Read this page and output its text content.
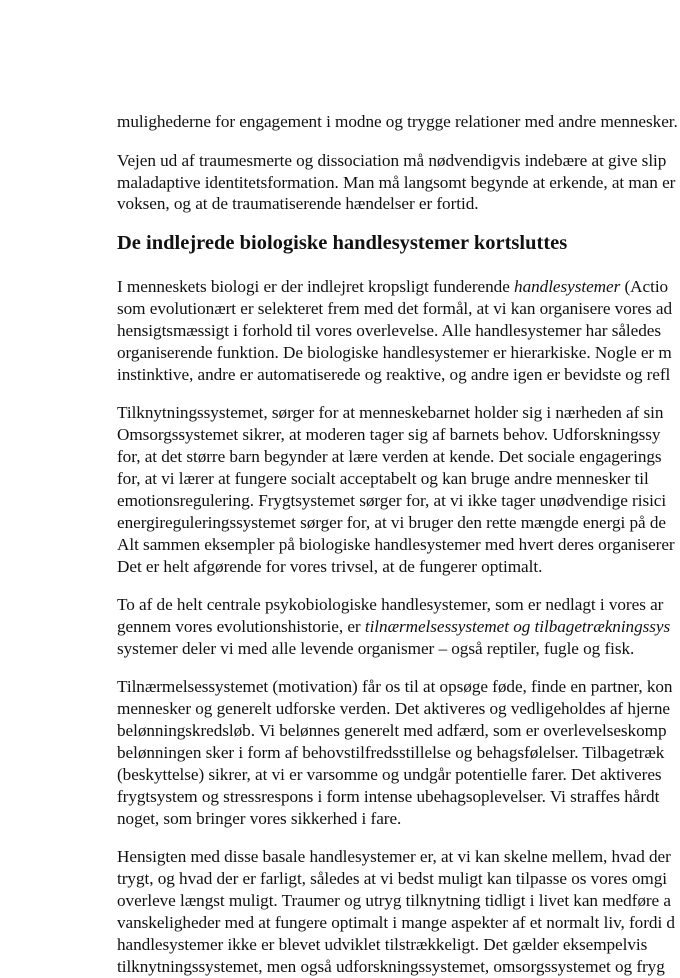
mulighederne for engagement i modne og trygge relationer med andre mennesker.
Vejen ud af traumesmerte og dissociation må nødvendigvis indebære at give slip
maladaptive identitetsformation. Man må langsomt begynde at erkende, at man er
voksen, og at de traumatiserende hændelser er fortid.
De indlejrede biologiske handlesystemer kortsluttes
I menneskets biologi er der indlejret kropsligt funderende handlesystemer (Actio
som evolutionært er selekteret frem med det formål, at vi kan organisere vores ad
hensigtsmæssigt i forhold til vores overlevelse. Alle handlesystemer har således
organiserende funktion. De biologiske handlesystemer er hierarkiske. Nogle er m
instinktive, andre er automatiserede og reaktive, og andre igen er bevidste og refl
Tilknytningssystemet, sørger for at menneskebarnet holder sig i nærheden af sin
Omsorgssystemet sikrer, at moderen tager sig af barnets behov. Udforskningssy
for, at det større barn begynder at lære verden at kende. Det sociale engagerings
for, at vi lærer at fungere socialt acceptabelt og kan bruge andre mennesker til
emotionsregulering. Frygtsystemet sørger for, at vi ikke tager unødvendige risici
energireguleringssystemet sørger for, at vi bruger den rette mængde energi på de
Alt sammen eksempler på biologiske handlesystemer med hvert deres organiserer
Det er helt afgørende for vores trivsel, at de fungerer optimalt.
To af de helt centrale psykobiologiske handlesystemer, som er nedlagt i vores ar
gennem vores evolutionshistorie, er tilnærmelsessystemet og tilbagetrækningssys
systemer deler vi med alle levende organismer – også reptiler, fugle og fisk.
Tilnærmelsessystemet (motivation) får os til at opsøge føde, finde en partner, kon
mennesker og generelt udforske verden. Det aktiveres og vedligeholdes af hjerne
belønningskredsløb. Vi belønnes generelt med adfærd, som er overlevelseskomp
belønningen sker i form af behovstilfredsstillelse og behagsfølelser. Tilbagetræk
(beskyttelse) sikrer, at vi er varsomme og undgår potentielle farer. Det aktiveres
frygtsystem og stressrespons i form intense ubehagsoplevelser. Vi straffes hårdt
noget, som bringer vores sikkerhed i fare.
Hensigten med disse basale handlesystemer er, at vi kan skelne mellem, hvad der
trygt, og hvad der er farligt, således at vi bedst muligt kan tilpasse os vores omgi
overleve længst muligt. Traumer og utryg tilknytning tidligt i livet kan medføre a
vanskeligheder med at fungere optimalt i mange aspekter af et normalt liv, fordi d
handlesystemer ikke er blevet udviklet tilstrækkeligt. Det gælder eksempelvis
tilknytningssystemet, men også udforskningssystemet, omsorgssystemet og fryg
